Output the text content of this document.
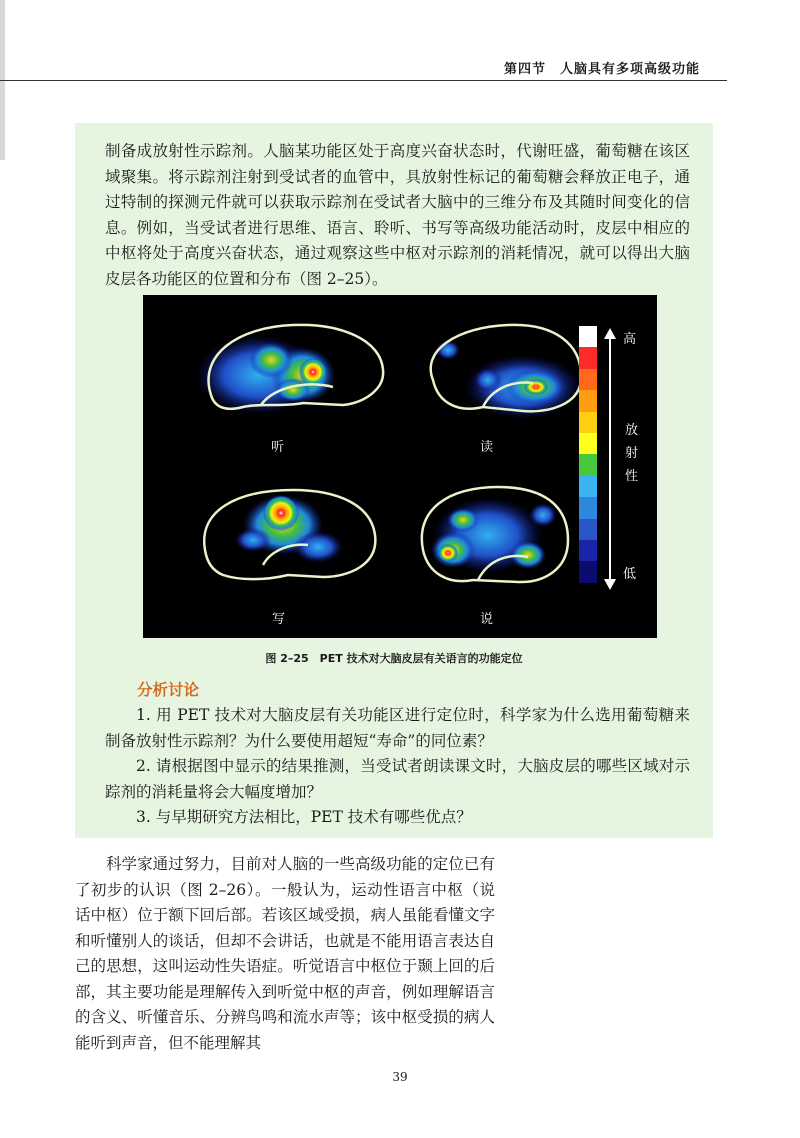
第四节　人脑具有多项高级功能

制备成放射性示踪剂。人脑某功能区处于高度兴奋状态时，代谢旺盛，葡萄糖在该区域聚集。将示踪剂注射到受试者的血管中，具放射性标记的葡萄糖会释放正电子，通过特制的探测元件就可以获取示踪剂在受试者大脑中的三维分布及其随时间变化的信息。例如，当受试者进行思维、语言、聆听、书写等高级功能活动时，皮层中相应的中枢将处于高度兴奋状态，通过观察这些中枢对示踪剂的消耗情况，就可以得出大脑皮层各功能区的位置和分布（图 2–25）。

听	读
写	说
高
放射性
低
图 2–25　PET 技术对大脑皮层有关语言的功能定位
分析讨论

1. 用 PET 技术对大脑皮层有关功能区进行定位时，科学家为什么选用葡萄糖来制备放射性示踪剂？为什么要使用超短“寿命”的同位素？

2. 请根据图中显示的结果推测，当受试者朗读课文时，大脑皮层的哪些区域对示踪剂的消耗量将会大幅度增加？

3. 与早期研究方法相比，PET 技术有哪些优点？

科学家通过努力，目前对人脑的一些高级功能的定位已有了初步的认识（图 2–26）。一般认为，运动性语言中枢（说话中枢）位于额下回后部。若该区域受损，病人虽能看懂文字和听懂别人的谈话，但却不会讲话，也就是不能用语言表达自己的思想，这叫运动性失语症。听觉语言中枢位于颞上回的后部，其主要功能是理解传入到听觉中枢的声音，例如理解语言的含义、听懂音乐、分辨鸟鸣和流水声等；该中枢受损的病人能听到声音，但不能理解其

39
